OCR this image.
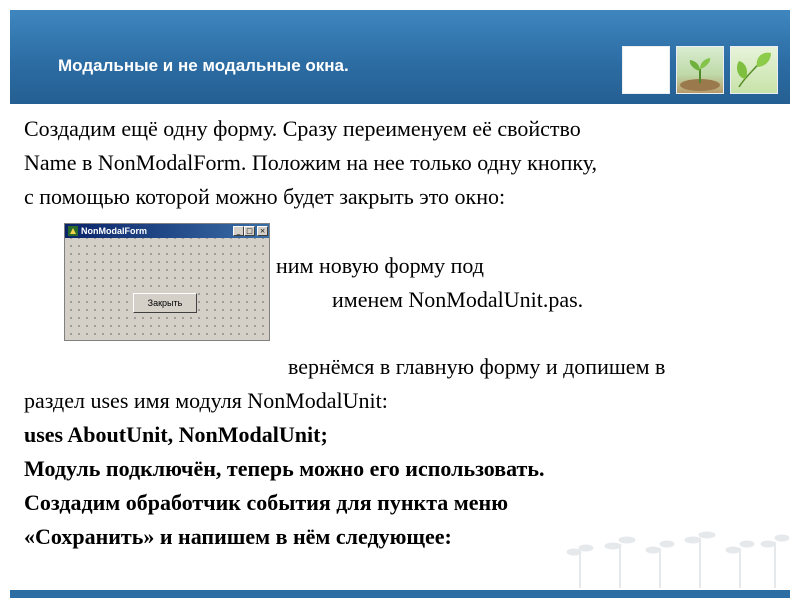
Модальные и не модальные окна.
Создадим ещё одну форму. Сразу переименуем её свойство
Name в NonModalForm. Положим на нее только одну кнопку,
с помощью которой можно будет закрыть это окно:
ним новую форму под
именем NonModalUnit.pas.
вернёмся в главную форму и допишем в
раздел uses имя модуля NonModalUnit:
uses AboutUnit, NonModalUnit;
Модуль подключён, теперь можно его использовать.
Создадим обработчик события для пункта меню
«Сохранить» и напишем в нём следующее:
NonModalForm	_ □ ×
Закрыть
